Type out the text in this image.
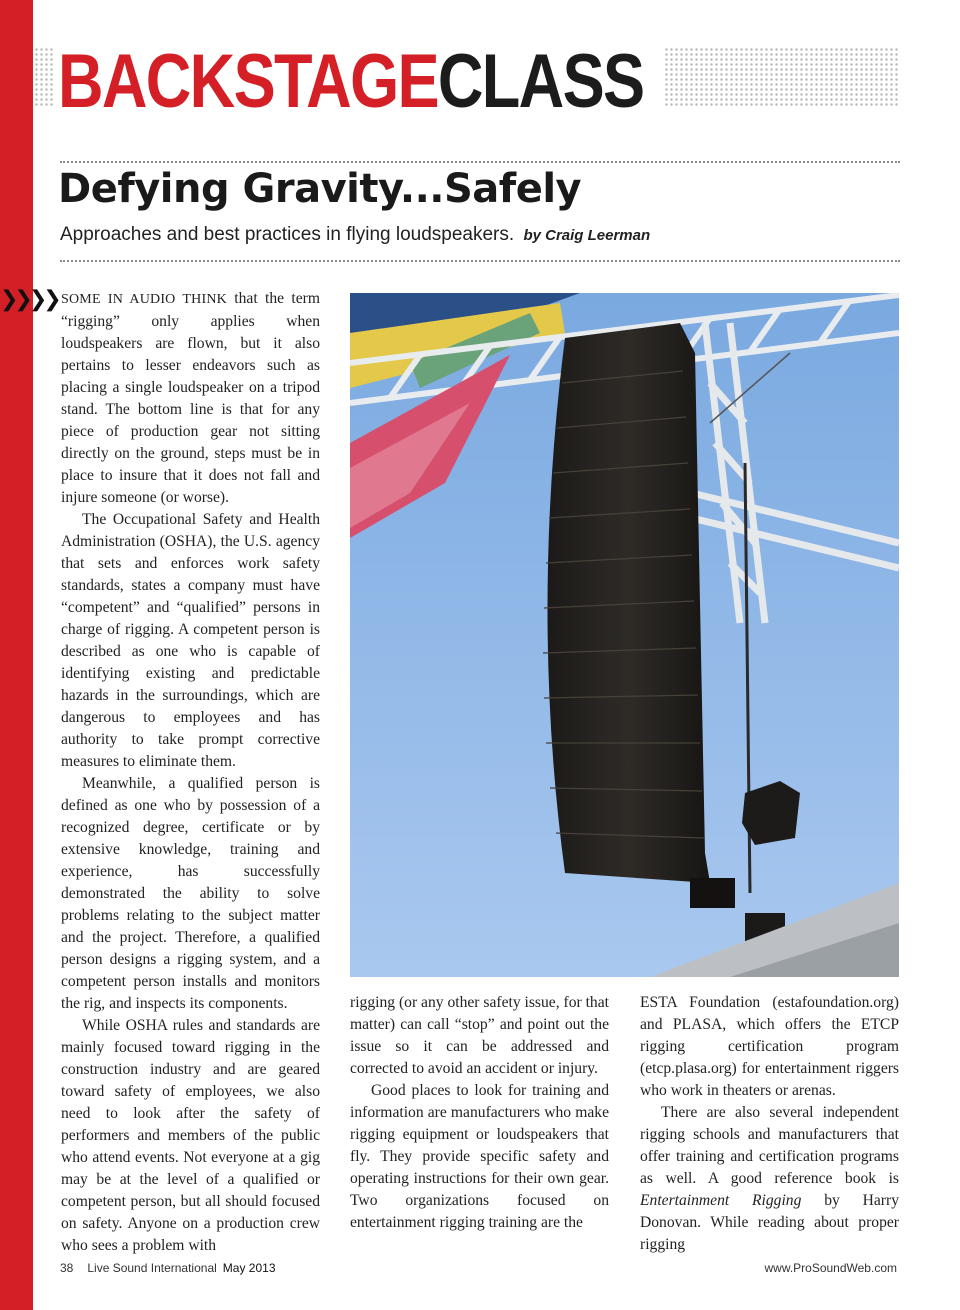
BACKSTAGECLASS
Defying Gravity...Safely
Approaches and best practices in flying loudspeakers. by Craig Leerman
❯❯❯❯ SOME IN AUDIO THINK that the term “rigging” only applies when loudspeakers are flown, but it also pertains to lesser endeavors such as placing a single loudspeaker on a tripod stand. The bottom line is that for any piece of production gear not sitting directly on the ground, steps must be in place to insure that it does not fall and injure someone (or worse).

The Occupational Safety and Health Administration (OSHA), the U.S. agency that sets and enforces work safety standards, states a company must have “competent” and “qualified” persons in charge of rigging. A competent person is described as one who is capable of identifying existing and predictable hazards in the surroundings, which are dangerous to employees and has authority to take prompt corrective measures to eliminate them.

Meanwhile, a qualified person is defined as one who by possession of a recognized degree, certificate or by extensive knowledge, training and experience, has successfully demonstrated the ability to solve problems relating to the subject matter and the project. Therefore, a qualified person designs a rigging system, and a competent person installs and monitors the rig, and inspects its components.

While OSHA rules and standards are mainly focused toward rigging in the construction industry and are geared toward safety of employees, we also need to look after the safety of performers and members of the public who attend events. Not everyone at a gig may be at the level of a qualified or competent person, but all should focused on safety. Anyone on a production crew who sees a problem with

rigging (or any other safety issue, for that matter) can call “stop” and point out the issue so it can be addressed and corrected to avoid an accident or injury.

Good places to look for training and information are manufacturers who make rigging equipment or loudspeakers that fly. They provide specific safety and operating instructions for their own gear. Two organizations focused on entertainment rigging training are the

ESTA Foundation (estafoundation.org) and PLASA, which offers the ETCP rigging certification program (etcp.plasa.org) for entertainment riggers who work in theaters or arenas.

There are also several independent rigging schools and manufacturers that offer training and certification programs as well. A good reference book is Entertainment Rigging by Harry Donovan. While reading about proper rigging

38 Live Sound International May 2013	www.ProSoundWeb.com
